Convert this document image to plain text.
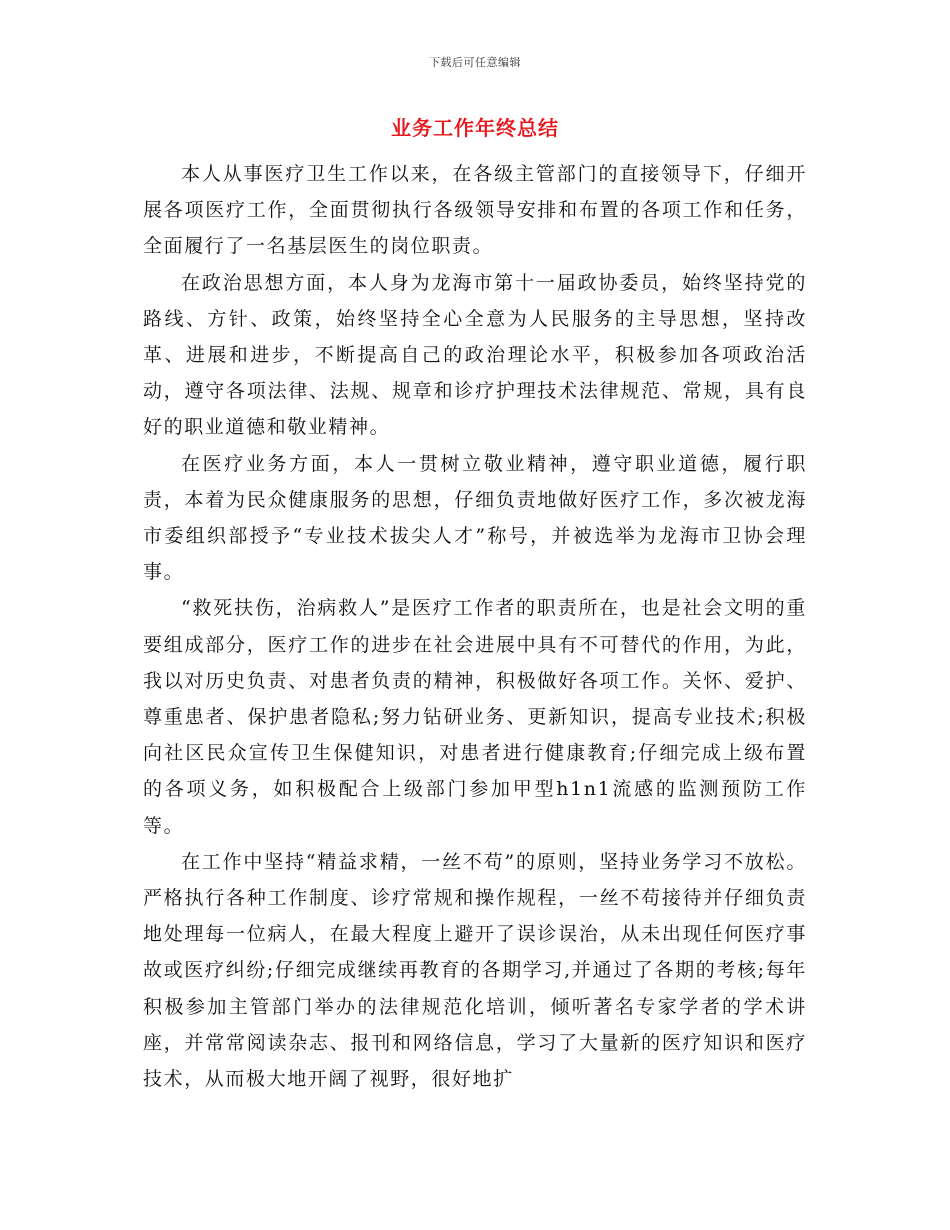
下载后可任意编辑
业务工作年终总结

本人从事医疗卫生工作以来，在各级主管部门的直接领导下，仔细开展各项医疗工作，全面贯彻执行各级领导安排和布置的各项工作和任务，全面履行了一名基层医生的岗位职责。

在政治思想方面，本人身为龙海市第十一届政协委员，始终坚持党的路线、方针、政策，始终坚持全心全意为人民服务的主导思想，坚持改革、进展和进步，不断提高自己的政治理论水平，积极参加各项政治活动，遵守各项法律、法规、规章和诊疗护理技术法律规范、常规，具有良好的职业道德和敬业精神。

在医疗业务方面，本人一贯树立敬业精神，遵守职业道德，履行职责，本着为民众健康服务的思想，仔细负责地做好医疗工作，多次被龙海市委组织部授予“专业技术拔尖人才”称号，并被选举为龙海市卫协会理事。

“救死扶伤，治病救人”是医疗工作者的职责所在，也是社会文明的重要组成部分，医疗工作的进步在社会进展中具有不可替代的作用，为此，我以对历史负责、对患者负责的精神，积极做好各项工作。关怀、爱护、尊重患者、保护患者隐私;努力钻研业务、更新知识，提高专业技术;积极向社区民众宣传卫生保健知识，对患者进行健康教育;仔细完成上级布置的各项义务，如积极配合上级部门参加甲型h1n1流感的监测预防工作等。

在工作中坚持“精益求精，一丝不苟”的原则，坚持业务学习不放松。严格执行各种工作制度、诊疗常规和操作规程，一丝不苟接待并仔细负责地处理每一位病人，在最大程度上避开了误诊误治，从未出现任何医疗事故或医疗纠纷;仔细完成继续再教育的各期学习,并通过了各期的考核;每年积极参加主管部门举办的法律规范化培训，倾听著名专家学者的学术讲座，并常常阅读杂志、报刊和网络信息，学习了大量新的医疗知识和医疗技术，从而极大地开阔了视野，很好地扩
